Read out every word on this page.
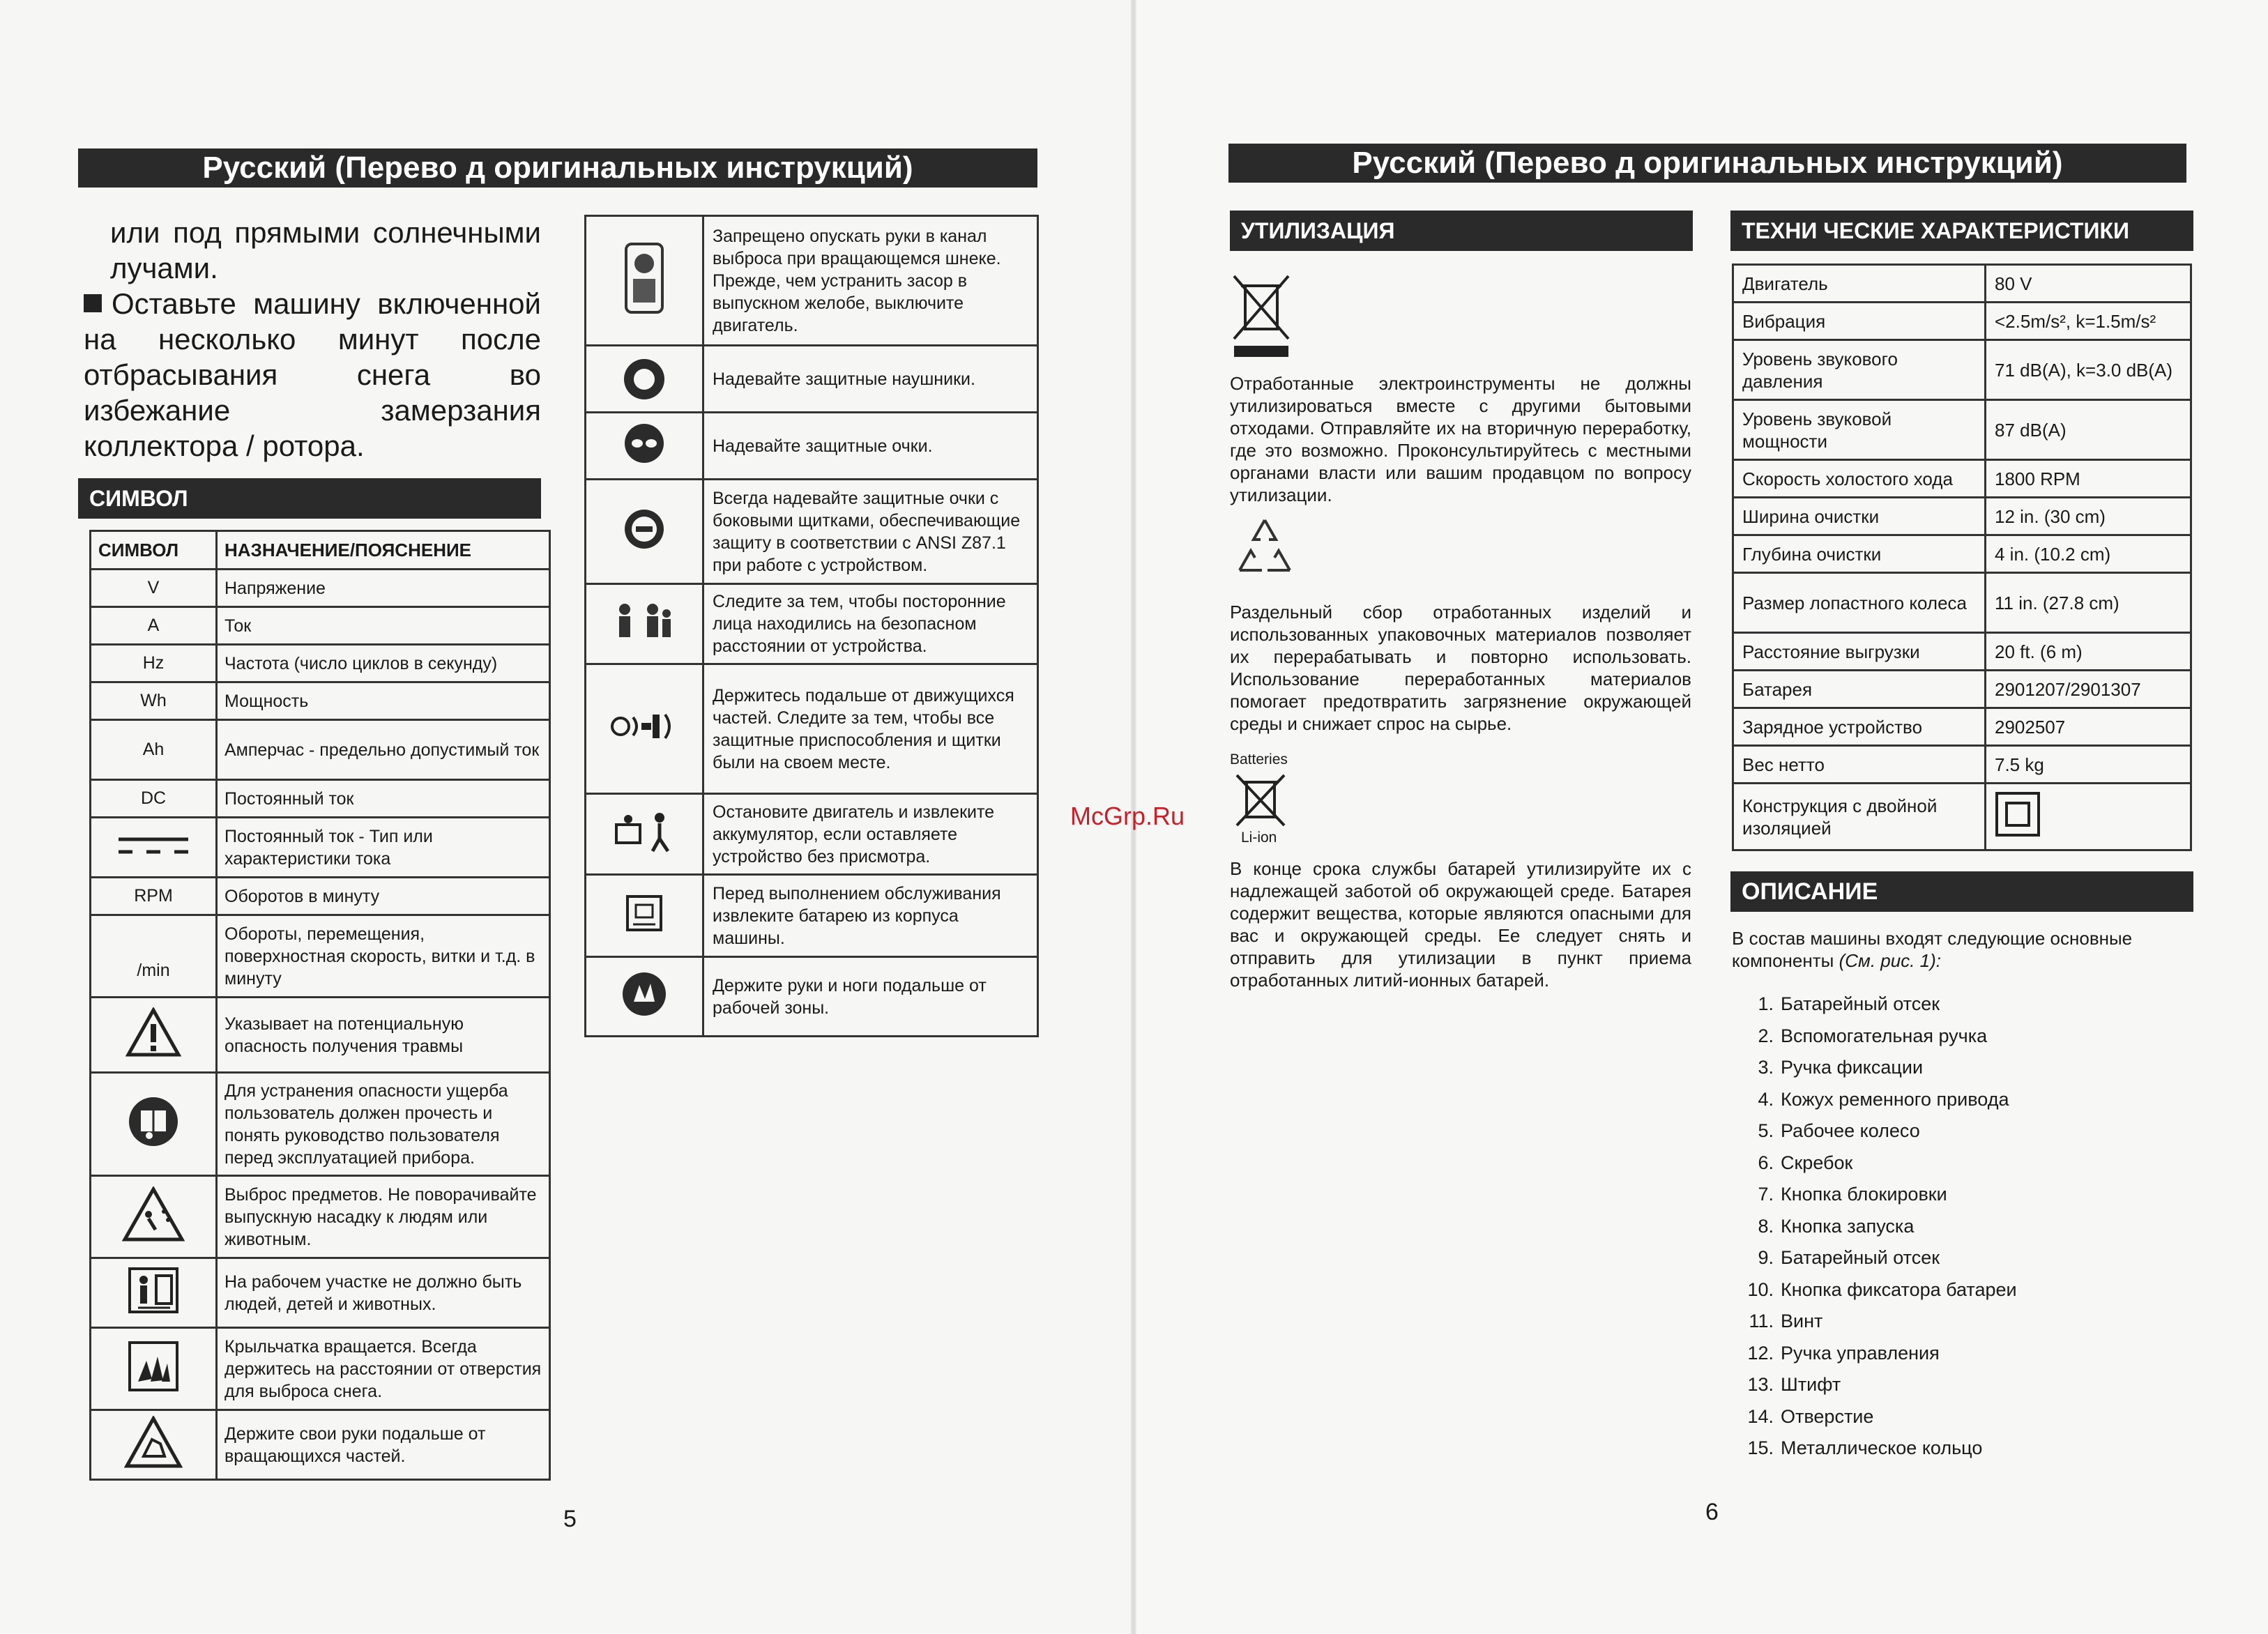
Русский (Перево д оригинальных инструкций)

или под прямыми солнечными лучами.

Оставьте машину включенной на несколько минут после отбрасывания снега во избежание замерзания коллектора / ротора.

СИМВОЛ
СИМВОЛ	НАЗНАЧЕНИЕ/ПОЯСНЕНИЕ
V	Напряжение
A	Ток
Hz	Частота (число циклов в секунду)
Wh	Мощность
Ah	Амперчас - предельно допустимый ток
DC	Постоянный ток
	Постоянный ток - Тип или характеристики тока
RPM	Оборотов в минуту
/min	Обороты, перемещения, поверхностная скорость, витки и т.д. в минуту
	Указывает на потенциальную опасность получения травмы
	Для устранения опасности ущерба пользователь должен прочесть и понять руководство пользователя перед эксплуатацией прибора.
	Выброс предметов. Не поворачивайте выпускную насадку к людям или животным.
	На рабочем участке не должно быть людей, детей и животных.
	Крыльчатка вращается. Всегда держитесь на расстоянии от отверстия для выброса снега.
	Держите свои руки подальше от вращающихся частей.
	Запрещено опускать руки в канал выброса при вращающемся шнеке. Прежде, чем устранить засор в выпускном желобе, выключите двигатель.

	Надевайте защитные наушники.
	Надевайте защитные очки.
	Всегда надевайте защитные очки с боковыми щитками, обеспечивающие защиту в соответствии с ANSI Z87.1 при работе с устройством.
	Следите за тем, чтобы посторонние лица находились на безопасном расстоянии от устройства.
	Держитесь подальше от движущихся частей. Следите за тем, чтобы все защитные приспособления и щитки были на своем месте.
	Остановите двигатель и извлеките аккумулятор, если оставляете устройство без присмотра.
	Перед выполнением обслуживания извлеките батарею из корпуса машины.
	Держите руки и ноги подальше от рабочей зоны.
5
Русский (Перево д оригинальных инструкций)
УТИЛИЗАЦИЯ

Отработанные электроинструменты не должны утилизироваться вместе с другими бытовыми отходами. Отправляйте их на вторичную переработку, где это возможно. Проконсультируйтесь с местными органами власти или вашим продавцом по вопросу утилизации.

Раздельный сбор отработанных изделий и использованных упаковочных материалов позволяет их перерабатывать и повторно использовать. Использование переработанных материалов помогает предотвратить загрязнение окружающей среды и снижает спрос на сырье.

Batteries
Li-ion

В конце срока службы батарей утилизируйте их с надлежащей заботой об окружающей среде. Батарея содержит вещества, которые являются опасными для вас и окружающей среды. Ее следует снять и отправить для утилизации в пункт приема отработанных литий-ионных батарей.

ТЕХНИ ЧЕСКИЕ ХАРАКТЕРИСТИКИ
Двигатель	80 V
Вибрация	<2.5m/s², k=1.5m/s²
Уровень звукового давления	71 dB(A), k=3.0 dB(A)
Уровень звуковой мощности	87 dB(A)
Скорость холостого хода	1800 RPM
Ширина очистки	12 in. (30 cm)
Глубина очистки	4 in. (10.2 cm)
Размер лопастного колеса	11 in. (27.8 cm)
Расстояние выгрузки	20 ft. (6 m)
Батарея	2901207/2901307
Зарядное устройство	2902507
Вес нетто	7.5 kg
Конструкция с двойной изоляцией	
ОПИСАНИЕ
В состав машины входят следующие основные компоненты (См. рис. 1):
1. Батарейный отсек
2. Вспомогательная ручка
3. Ручка фиксации
4. Кожух ременного привода
5. Рабочее колесо
6. Скребок
7. Кнопка блокировки
8. Кнопка запуска
9. Батарейный отсек
10. Кнопка фиксатора батареи
11. Винт
12. Ручка управления
13. Штифт
14. Отверстие
15. Металлическое кольцо
6
McGrp.Ru
